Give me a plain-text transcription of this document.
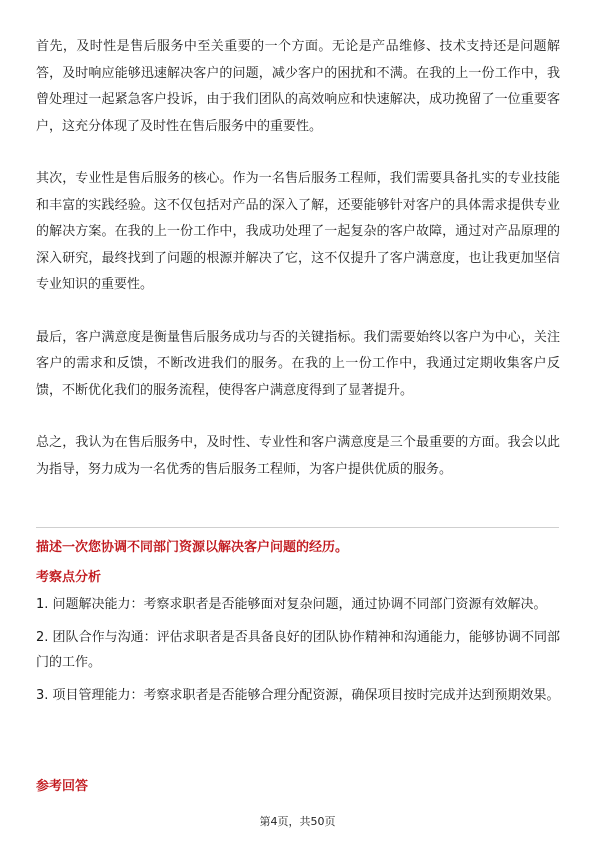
首先，及时性是售后服务中至关重要的一个方面。无论是产品维修、技术支持还是问题解答，及时响应能够迅速解决客户的问题，减少客户的困扰和不满。在我的上一份工作中，我曾处理过一起紧急客户投诉，由于我们团队的高效响应和快速解决，成功挽留了一位重要客户，这充分体现了及时性在售后服务中的重要性。

其次，专业性是售后服务的核心。作为一名售后服务工程师，我们需要具备扎实的专业技能和丰富的实践经验。这不仅包括对产品的深入了解，还要能够针对客户的具体需求提供专业的解决方案。在我的上一份工作中，我成功处理了一起复杂的客户故障，通过对产品原理的深入研究，最终找到了问题的根源并解决了它，这不仅提升了客户满意度，也让我更加坚信专业知识的重要性。

最后，客户满意度是衡量售后服务成功与否的关键指标。我们需要始终以客户为中心，关注客户的需求和反馈，不断改进我们的服务。在我的上一份工作中，我通过定期收集客户反馈，不断优化我们的服务流程，使得客户满意度得到了显著提升。

总之，我认为在售后服务中，及时性、专业性和客户满意度是三个最重要的方面。我会以此为指导，努力成为一名优秀的售后服务工程师，为客户提供优质的服务。

描述一次您协调不同部门资源以解决客户问题的经历。

考察点分析

1. 问题解决能力：考察求职者是否能够面对复杂问题，通过协调不同部门资源有效解决。
2. 团队合作与沟通：评估求职者是否具备良好的团队协作精神和沟通能力，能够协调不同部门的工作。
3. 项目管理能力：考察求职者是否能够合理分配资源，确保项目按时完成并达到预期效果。

参考回答

第4页，共50页
